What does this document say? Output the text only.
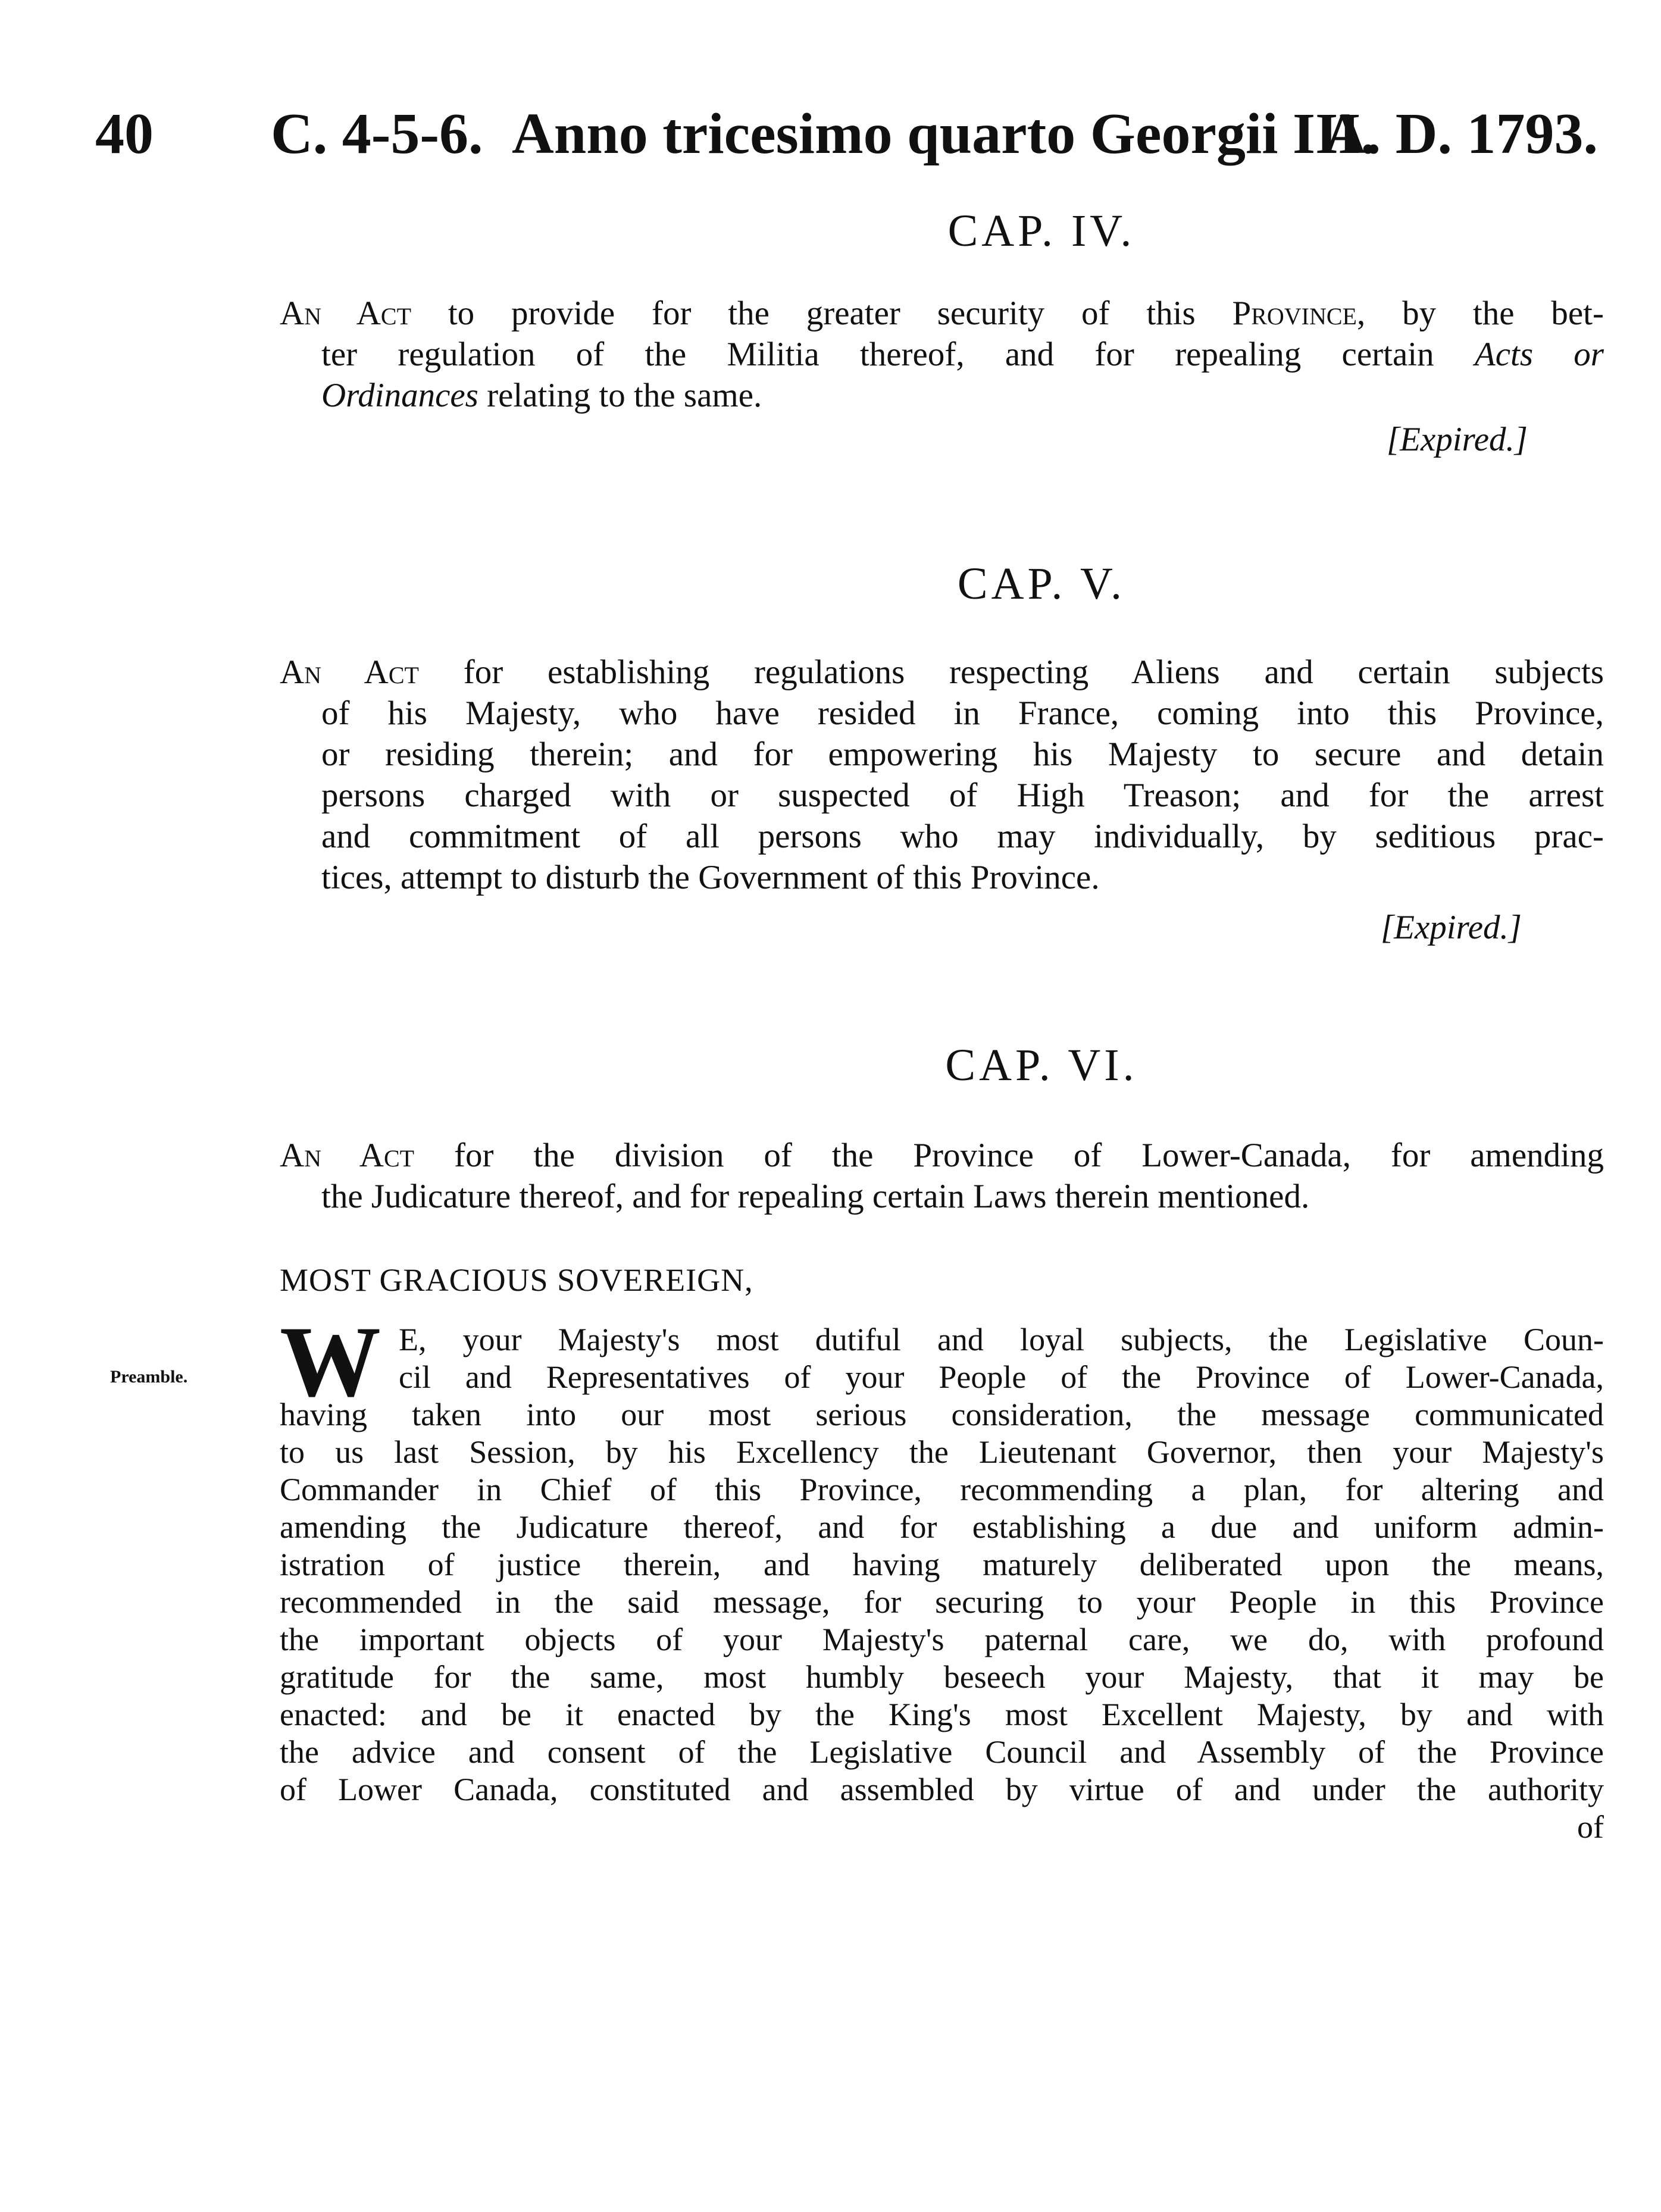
40 C. 4-5-6. Anno tricesimo quarto Georgii III.
A. D. 1793.
CAP. IV.
An Act to provide for the greater security of this Province, by the bet-
ter regulation of the Militia thereof, and for repealing certain Acts or
Ordinances relating to the same.
[Expired.]
CAP. V.
An Act for establishing regulations respecting Aliens and certain subjects
of his Majesty, who have resided in France, coming into this Province,
or residing therein; and for empowering his Majesty to secure and detain
persons charged with or suspected of High Treason; and for the arrest
and commitment of all persons who may individually, by seditious prac-
tices, attempt to disturb the Government of this Province.
[Expired.]
CAP. VI.
An Act for the division of the Province of Lower-Canada, for amending
the Judicature thereof, and for repealing certain Laws therein mentioned.
MOST GRACIOUS SOVEREIGN,
Preamble. W E, your Majesty's most dutiful and loyal subjects, the Legislative Coun-
cil and Representatives of your People of the Province of Lower-Canada,
having taken into our most serious consideration, the message communicated
to us last Session, by his Excellency the Lieutenant Governor, then your Majesty's
Commander in Chief of this Province, recommending a plan, for altering and
amending the Judicature thereof, and for establishing a due and uniform admin-
istration of justice therein, and having maturely deliberated upon the means,
recommended in the said message, for securing to your People in this Province
the important objects of your Majesty's paternal care, we do, with profound
gratitude for the same, most humbly beseech your Majesty, that it may be
enacted: and be it enacted by the King's most Excellent Majesty, by and with
the advice and consent of the Legislative Council and Assembly of the Province
of Lower Canada, constituted and assembled by virtue of and under the authority
of
